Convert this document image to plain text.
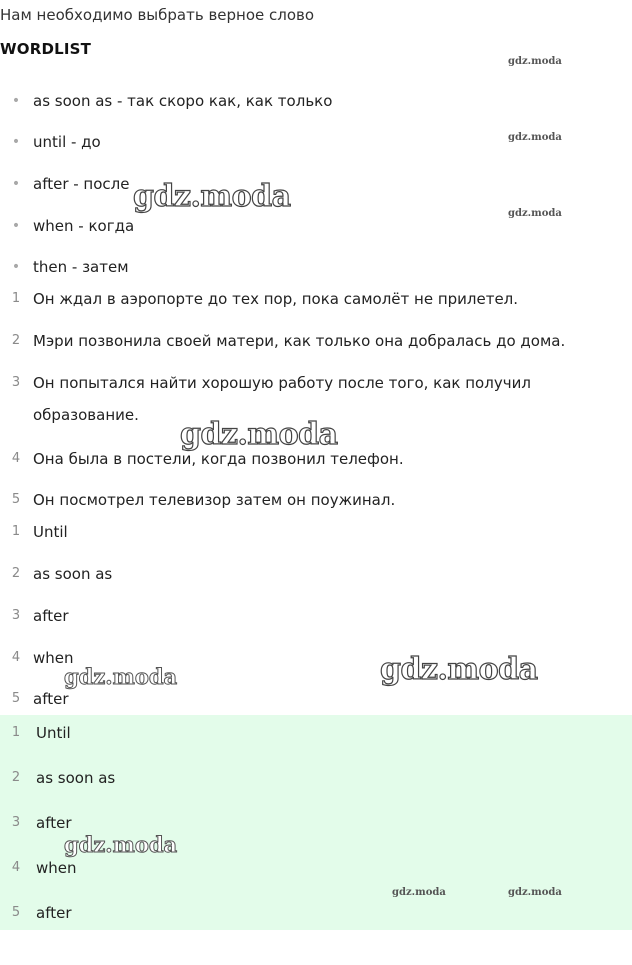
Нам необходимо выбрать верное слово
WORDLIST
• as soon as - так скоро как, как только
• until - до
• after - после
• when - когда
• then - затем
1 Он ждал в аэропорте до тех пор, пока самолёт не прилетел.
2 Мэри позвонила своей матери, как только она добралась до дома.
3 Он попытался найти хорошую работу после того, как получил образование.
4 Она была в постели, когда позвонил телефон.
5 Он посмотрел телевизор затем он поужинал.
1 Until
2 as soon as
3 after
4 when
5 after
1	Until
2	as soon as
3	after
4	when
5	after
gdz.moda
gdz.moda
gdz.moda
gdz.moda
gdz.moda
gdz.moda
gdz.moda
gdz.moda
gdz.moda	gdz.moda
